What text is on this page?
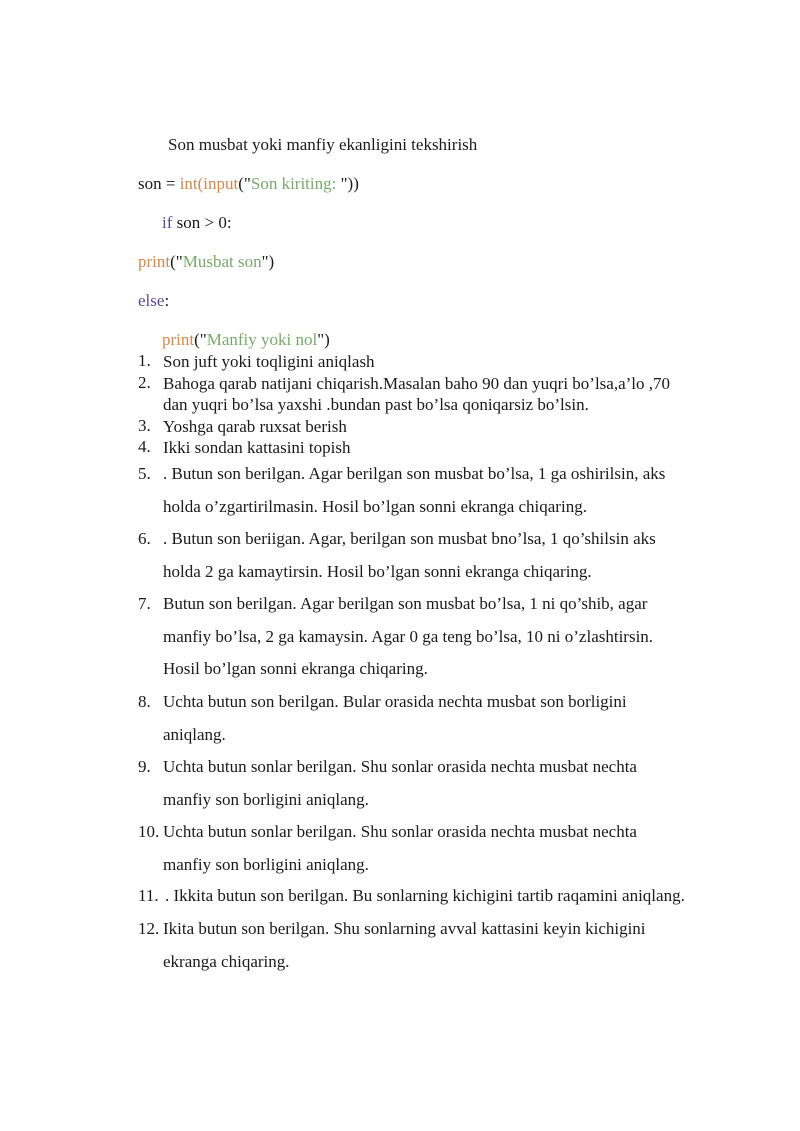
Son musbat yoki manfiy ekanligini tekshirish
son = int(input("Son kiriting: "))
if son > 0:
print("Musbat son")
else:
print("Manfiy yoki nol")
1. Son juft yoki toqligini aniqlash
2. Bahoga qarab natijani chiqarish.Masalan baho 90 dan yuqri bo’lsa,a’lo ,70
dan yuqri bo’lsa yaxshi .bundan past bo’lsa qoniqarsiz bo’lsin.
3. Yoshga qarab ruxsat berish
4. Ikki sondan kattasini topish
5. . Butun son berilgan. Agar berilgan son musbat bo’lsa, 1 ga oshirilsin, aks
holda o’zgartirilmasin. Hosil bo’lgan sonni ekranga chiqaring.
6. . Butun son beriigan. Agar, berilgan son musbat bno’lsa, 1 qo’shilsin aks
holda 2 ga kamaytirsin. Hosil bo’lgan sonni ekranga chiqaring.
7. Butun son berilgan. Agar berilgan son musbat bo’lsa, 1 ni qo’shib, agar
manfiy bo’lsa, 2 ga kamaysin. Agar 0 ga teng bo’lsa, 10 ni o’zlashtirsin.
Hosil bo’lgan sonni ekranga chiqaring.
8. Uchta butun son berilgan. Bular orasida nechta musbat son borligini
aniqlang.
9. Uchta butun sonlar berilgan. Shu sonlar orasida nechta musbat nechta
manfiy son borligini aniqlang.
10. Uchta butun sonlar berilgan. Shu sonlar orasida nechta musbat nechta
manfiy son borligini aniqlang.
11. . Ikkita butun son berilgan. Bu sonlarning kichigini tartib raqamini aniqlang.
12. Ikita butun son berilgan. Shu sonlarning avval kattasini keyin kichigini
ekranga chiqaring.
